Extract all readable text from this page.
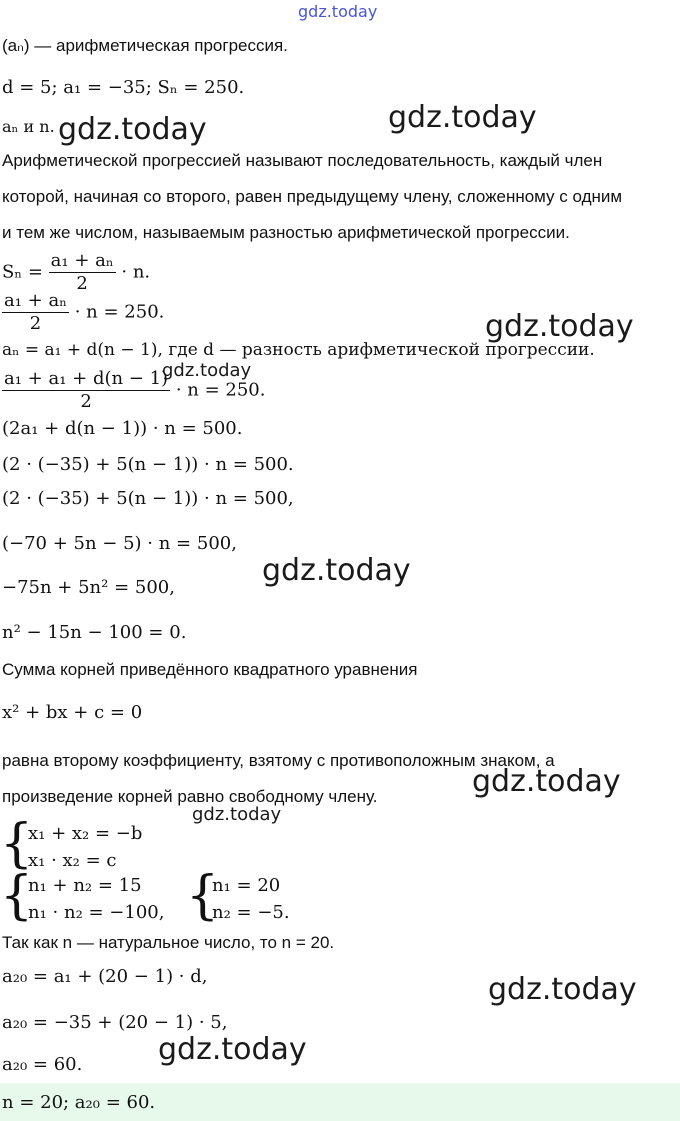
gdz.today
gdz.today	gdz.today
gdz.today
gdz.today
gdz.today
gdz.today
gdz.today
gdz.today
gdz.today
(aₙ) — арифметическая прогрессия.
d = 5; a₁ = −35; Sₙ = 250.
aₙ и n.
Арифметической прогрессией называют последовательность, каждый член
которой, начиная со второго, равен предыдущему члену, сложенному с одним
и тем же числом, называемым разностью арифметической прогрессии.
$S_n = \frac{\text{a₁ + aₙ}}{2} \cdot n$.
$\frac{\text{a₁ + aₙ}}{2} \cdot n = 250$.
aₙ = a₁ + d(n − 1), где d — разность арифметической прогрессии.
$\frac{\text{a₁ + a₁ + d(n − 1)}}{2} \cdot n = 250$.
(2a₁ + d(n − 1)) · n = 500.
(2 · (−35) + 5(n − 1)) · n = 500.
(2 · (−35) + 5(n − 1)) · n = 500,
(−70 + 5n − 5) · n = 500,
−75n + 5n² = 500,
n² − 15n − 100 = 0.
Сумма корней приведённого квадратного уравнения
x² + bx + c = 0
равна второму коэффициенту, взятому с противоположным знаком, а
произведение корней равно свободному члену.
{
x₁ + x₂ = −b
x₁ · x₂ = c
{
n₁ + n₂ = 15
n₁ · n₂ = −100, {
n₁ = 20
n₂ = −5.
Так как n — натуральное число, то n = 20.
a₂₀ = a₁ + (20 − 1) · d,
a₂₀ = −35 + (20 − 1) · 5,
a₂₀ = 60.
n = 20; a₂₀ = 60.
